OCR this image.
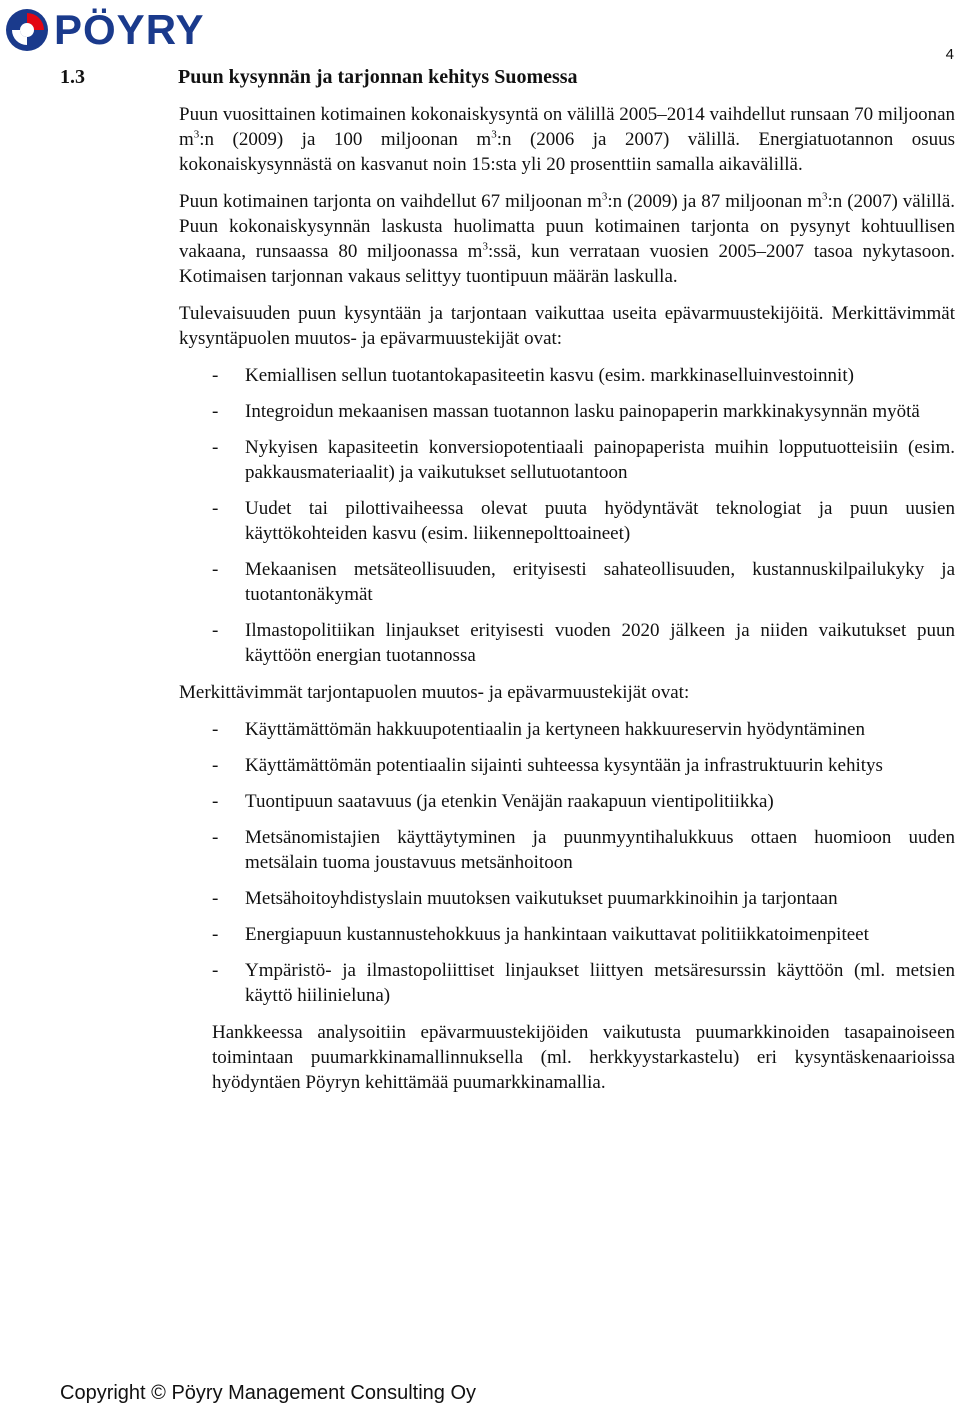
PÖYRY
4
1.3	Puun kysynnän ja tarjonnan kehitys Suomessa

Puun vuosittainen kotimainen kokonaiskysyntä on välillä 2005–2014 vaihdellut runsaan 70 miljoonan $m^3:n$ (2009) ja 100 miljoonan $m^3:n$ (2006 ja 2007) välillä. Energiatuotannon osuus kokonaiskysynnästä on kasvanut noin 15:sta yli 20 prosenttiin samalla aikavälillä.

Puun kotimainen tarjonta on vaihdellut 67 miljoonan $m^3:n$ (2009) ja 87 miljoonan $m^3:n$ (2007) välillä. Puun kokonaiskysynnän laskusta huolimatta puun kotimainen tarjonta on pysynyt kohtuullisen vakaana, runsaassa 80 miljoonassa $m^3:ssä$, kun verrataan vuosien 2005–2007 tasoa nykytasoon. Kotimaisen tarjonnan vakaus selittyy tuontipuun määrän laskulla.

Tulevaisuuden puun kysyntään ja tarjontaan vaikuttaa useita epävarmuustekijöitä. Merkittävimmät kysyntäpuolen muutos- ja epävarmuustekijät ovat:

- Kemiallisen sellun tuotantokapasiteetin kasvu (esim. markkinaselluinvestoinnit)
- Integroidun mekaanisen massan tuotannon lasku painopaperin markkinakysynnän myötä
- Nykyisen kapasiteetin konversiopotentiaali painopaperista muihin lopputuotteisiin (esim. pakkausmateriaalit) ja vaikutukset sellutuotantoon
- Uudet tai pilottivaiheessa olevat puuta hyödyntävät teknologiat ja puun uusien käyttökohteiden kasvu (esim. liikennepolttoaineet)
- Mekaanisen metsäteollisuuden, erityisesti sahateollisuuden, kustannuskilpailukyky ja tuotantonäkymät
- Ilmastopolitiikan linjaukset erityisesti vuoden 2020 jälkeen ja niiden vaikutukset puun käyttöön energian tuotannossa

Merkittävimmät tarjontapuolen muutos- ja epävarmuustekijät ovat:

- Käyttämättömän hakkuupotentiaalin ja kertyneen hakkuureservin hyödyntäminen
- Käyttämättömän potentiaalin sijainti suhteessa kysyntään ja infrastruktuurin kehitys
- Tuontipuun saatavuus (ja etenkin Venäjän raakapuun vientipolitiikka)
- Metsänomistajien käyttäytyminen ja puunmyyntihalukkuus ottaen huomioon uuden metsälain tuoma joustavuus metsänhoitoon
- Metsähoitoyhdistyslain muutoksen vaikutukset puumarkkinoihin ja tarjontaan
- Energiapuun kustannustehokkuus ja hankintaan vaikuttavat politiikkatoimenpiteet
- Ympäristö- ja ilmastopoliittiset linjaukset liittyen metsäresurssin käyttöön (ml. metsien käyttö hiilinieluna)

Hankkeessa analysoitiin epävarmuustekijöiden vaikutusta puumarkkinoiden tasapainoiseen toimintaan puumarkkinamallinnuksella (ml. herkkyystarkastelu) eri kysyntäskenaarioissa hyödyntäen Pöyryn kehittämää puumarkkinamallia.

Copyright © Pöyry Management Consulting Oy
